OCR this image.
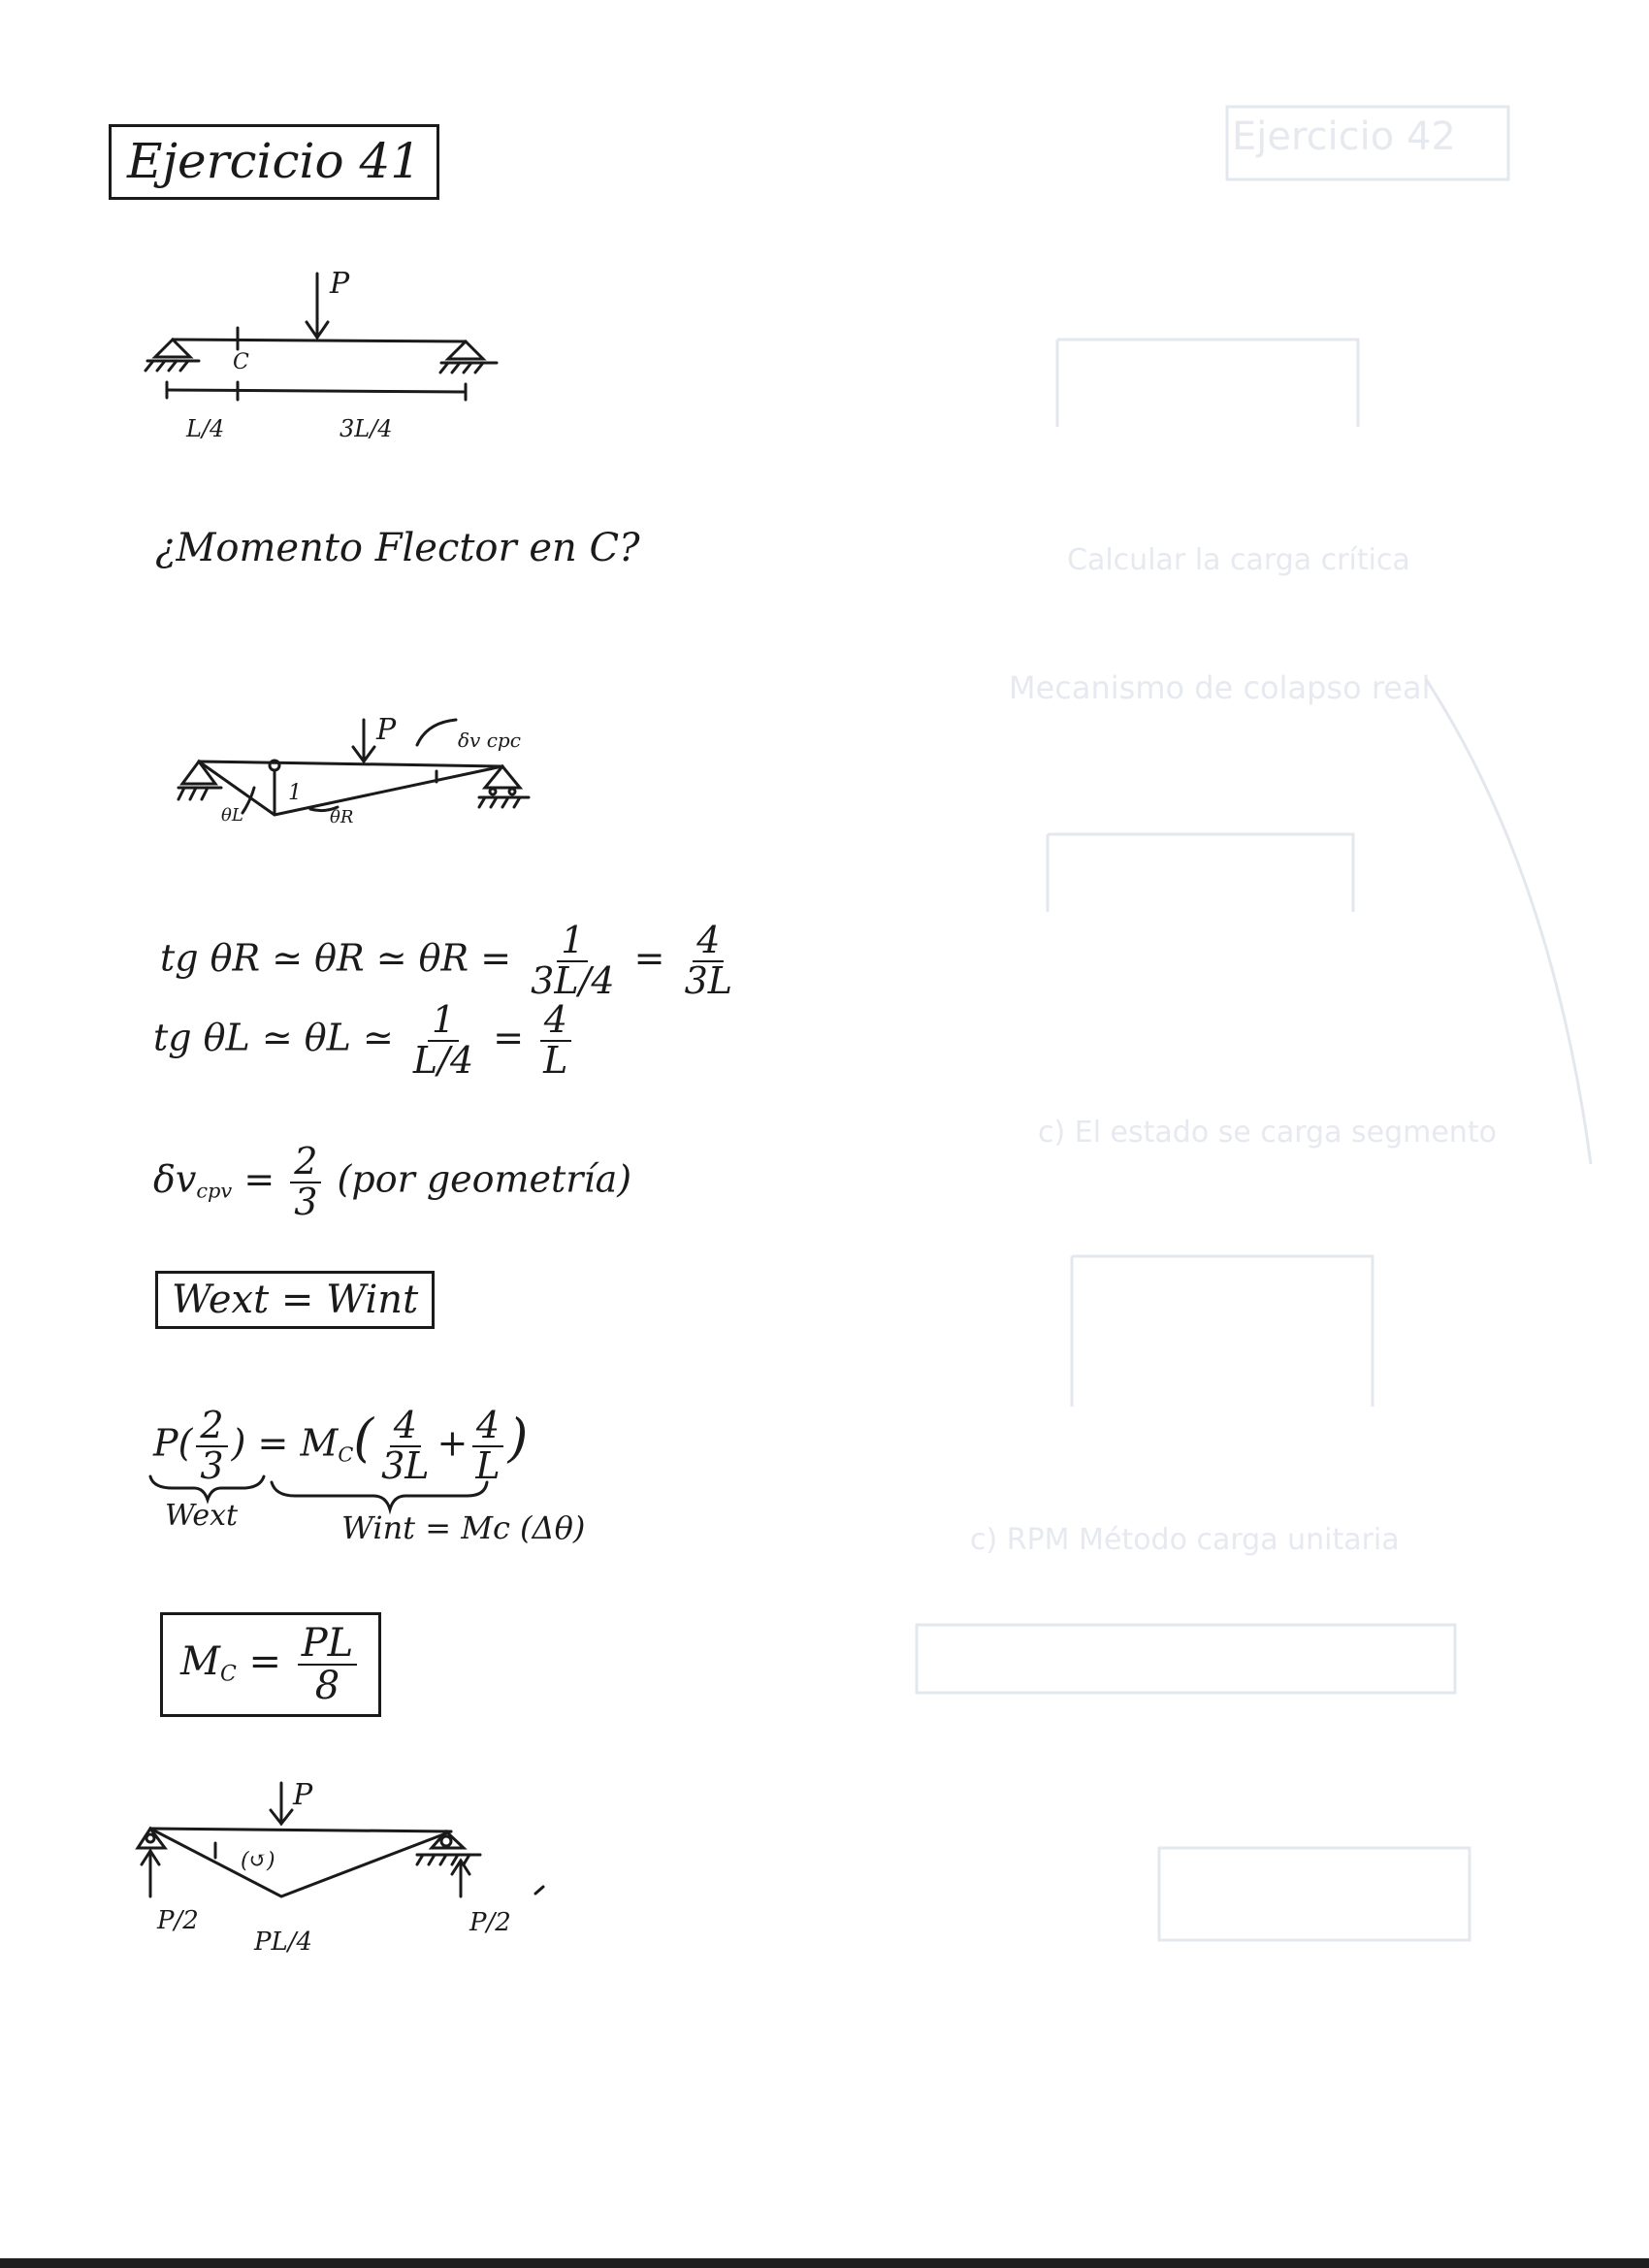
Ejercicio 42
Calcular la carga crítica
Mecanismo de colapso real
c) El estado se carga segmento
c) RPM Método carga unitaria
Ejercicio 41
P
C
L/4	3L/4
¿Momento Flector en C?
P	δv cpc
1
θL	θR
tg θR ≃ θR ≃ $\theta R = \frac{1}{3L/4} = \frac{4}{3L}$
tg θL ≃ θL ≃ $\frac{1}{L/4} = \frac{4}{L}$
$\delta v_{cpv} = \frac{2}{3} (por$ geometría)
Wext = Wint
$P( \frac{2}{3}$ ) = $M_C( \frac{4}{3L} + \frac{4}{L}$ )
Wext	Wint = Mc (Δθ)
$M_C = \frac{PL}{8}$
P
(↺)
P/2	P/2
PL/4
